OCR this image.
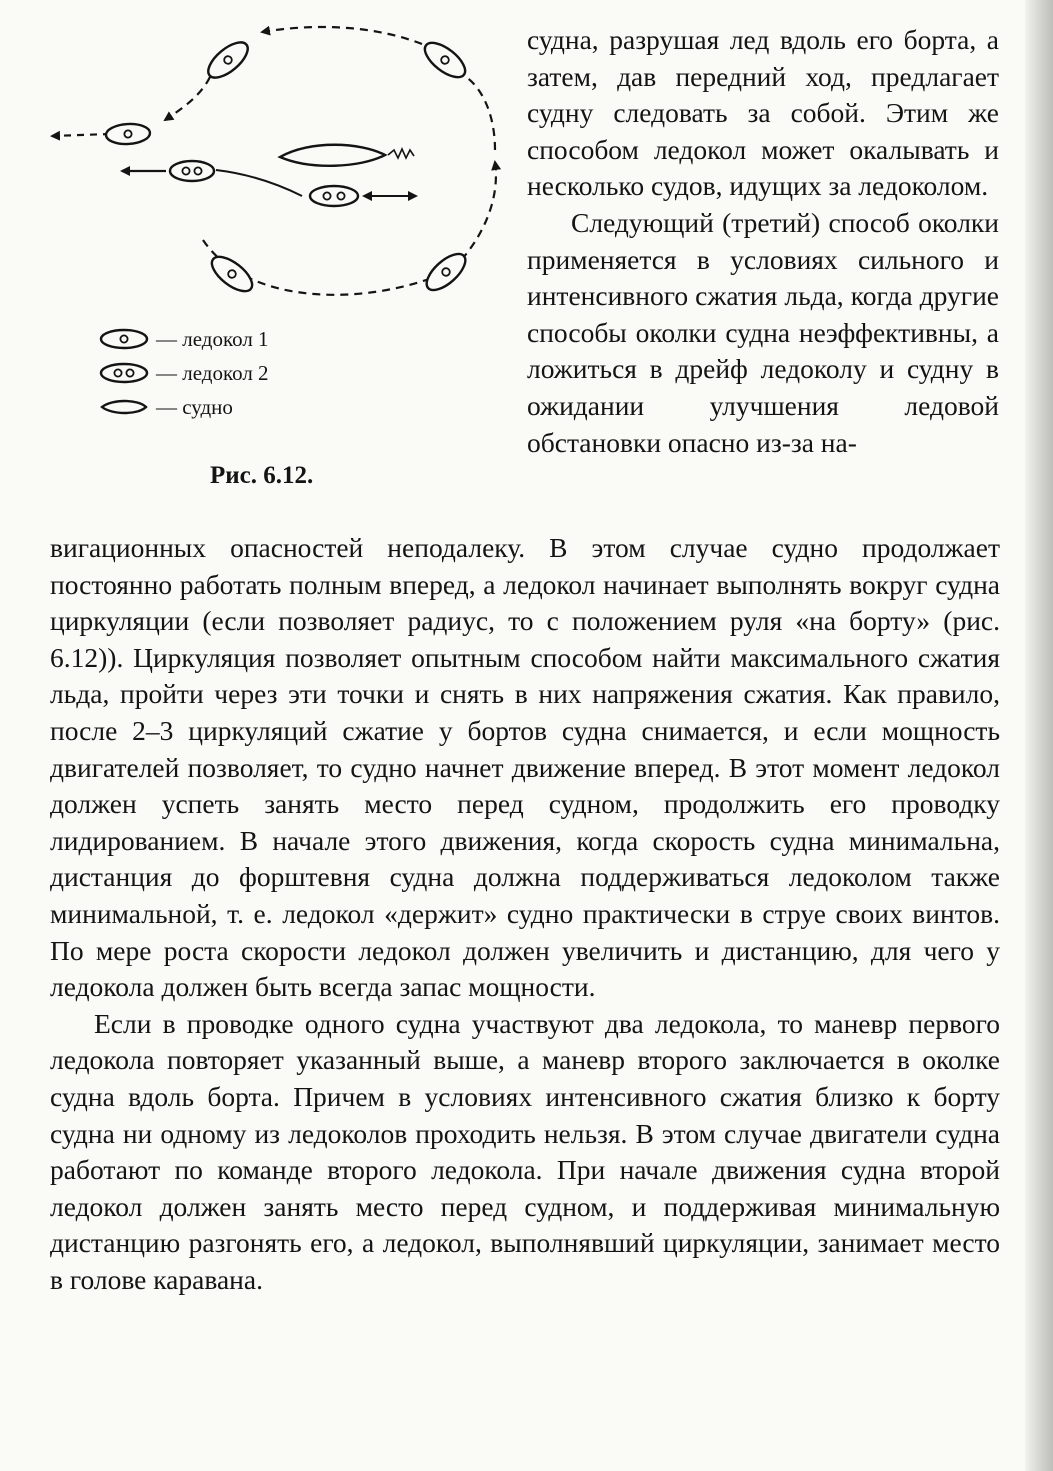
— ледокол 1
— ледокол 2
— судно
Рис. 6.12.

судна, разрушая лед вдоль его борта, а затем, дав передний ход, предлагает судну следовать за собой. Этим же способом ледокол может окалывать и несколько судов, идущих за ледоколом.

Следующий (третий) способ околки применяется в условиях сильного и интенсивного сжатия льда, когда другие способы околки судна неэффективны, а ложиться в дрейф ледоколу и судну в ожидании улучшения ледовой обстановки опасно из-за на-

вигационных опасностей неподалеку. В этом случае судно продолжает постоянно работать полным вперед, а ледокол начинает выполнять вокруг судна циркуляции (если позволяет радиус, то с положением руля «на борту» (рис. 6.12)). Циркуляция позволяет опытным способом найти максимального сжатия льда, пройти через эти точки и снять в них напряжения сжатия. Как правило, после 2–3 циркуляций сжатие у бортов судна снимается, и если мощность двигателей позволяет, то судно начнет движение вперед. В этот момент ледокол должен успеть занять место перед судном, продолжить его проводку лидированием. В начале этого движения, когда скорость судна минимальна, дистанция до форштевня судна должна поддерживаться ледоколом также минимальной, т. е. ледокол «держит» судно практически в струе своих винтов. По мере роста скорости ледокол должен увеличить и дистанцию, для чего у ледокола должен быть всегда запас мощности.

Если в проводке одного судна участвуют два ледокола, то маневр первого ледокола повторяет указанный выше, а маневр второго заключается в околке судна вдоль борта. Причем в условиях интенсивного сжатия близко к борту судна ни одному из ледоколов проходить нельзя. В этом случае двигатели судна работают по команде второго ледокола. При начале движения судна второй ледокол должен занять место перед судном, и поддерживая минимальную дистанцию разгонять его, а ледокол, выполнявший циркуляции, занимает место в голове каравана.
